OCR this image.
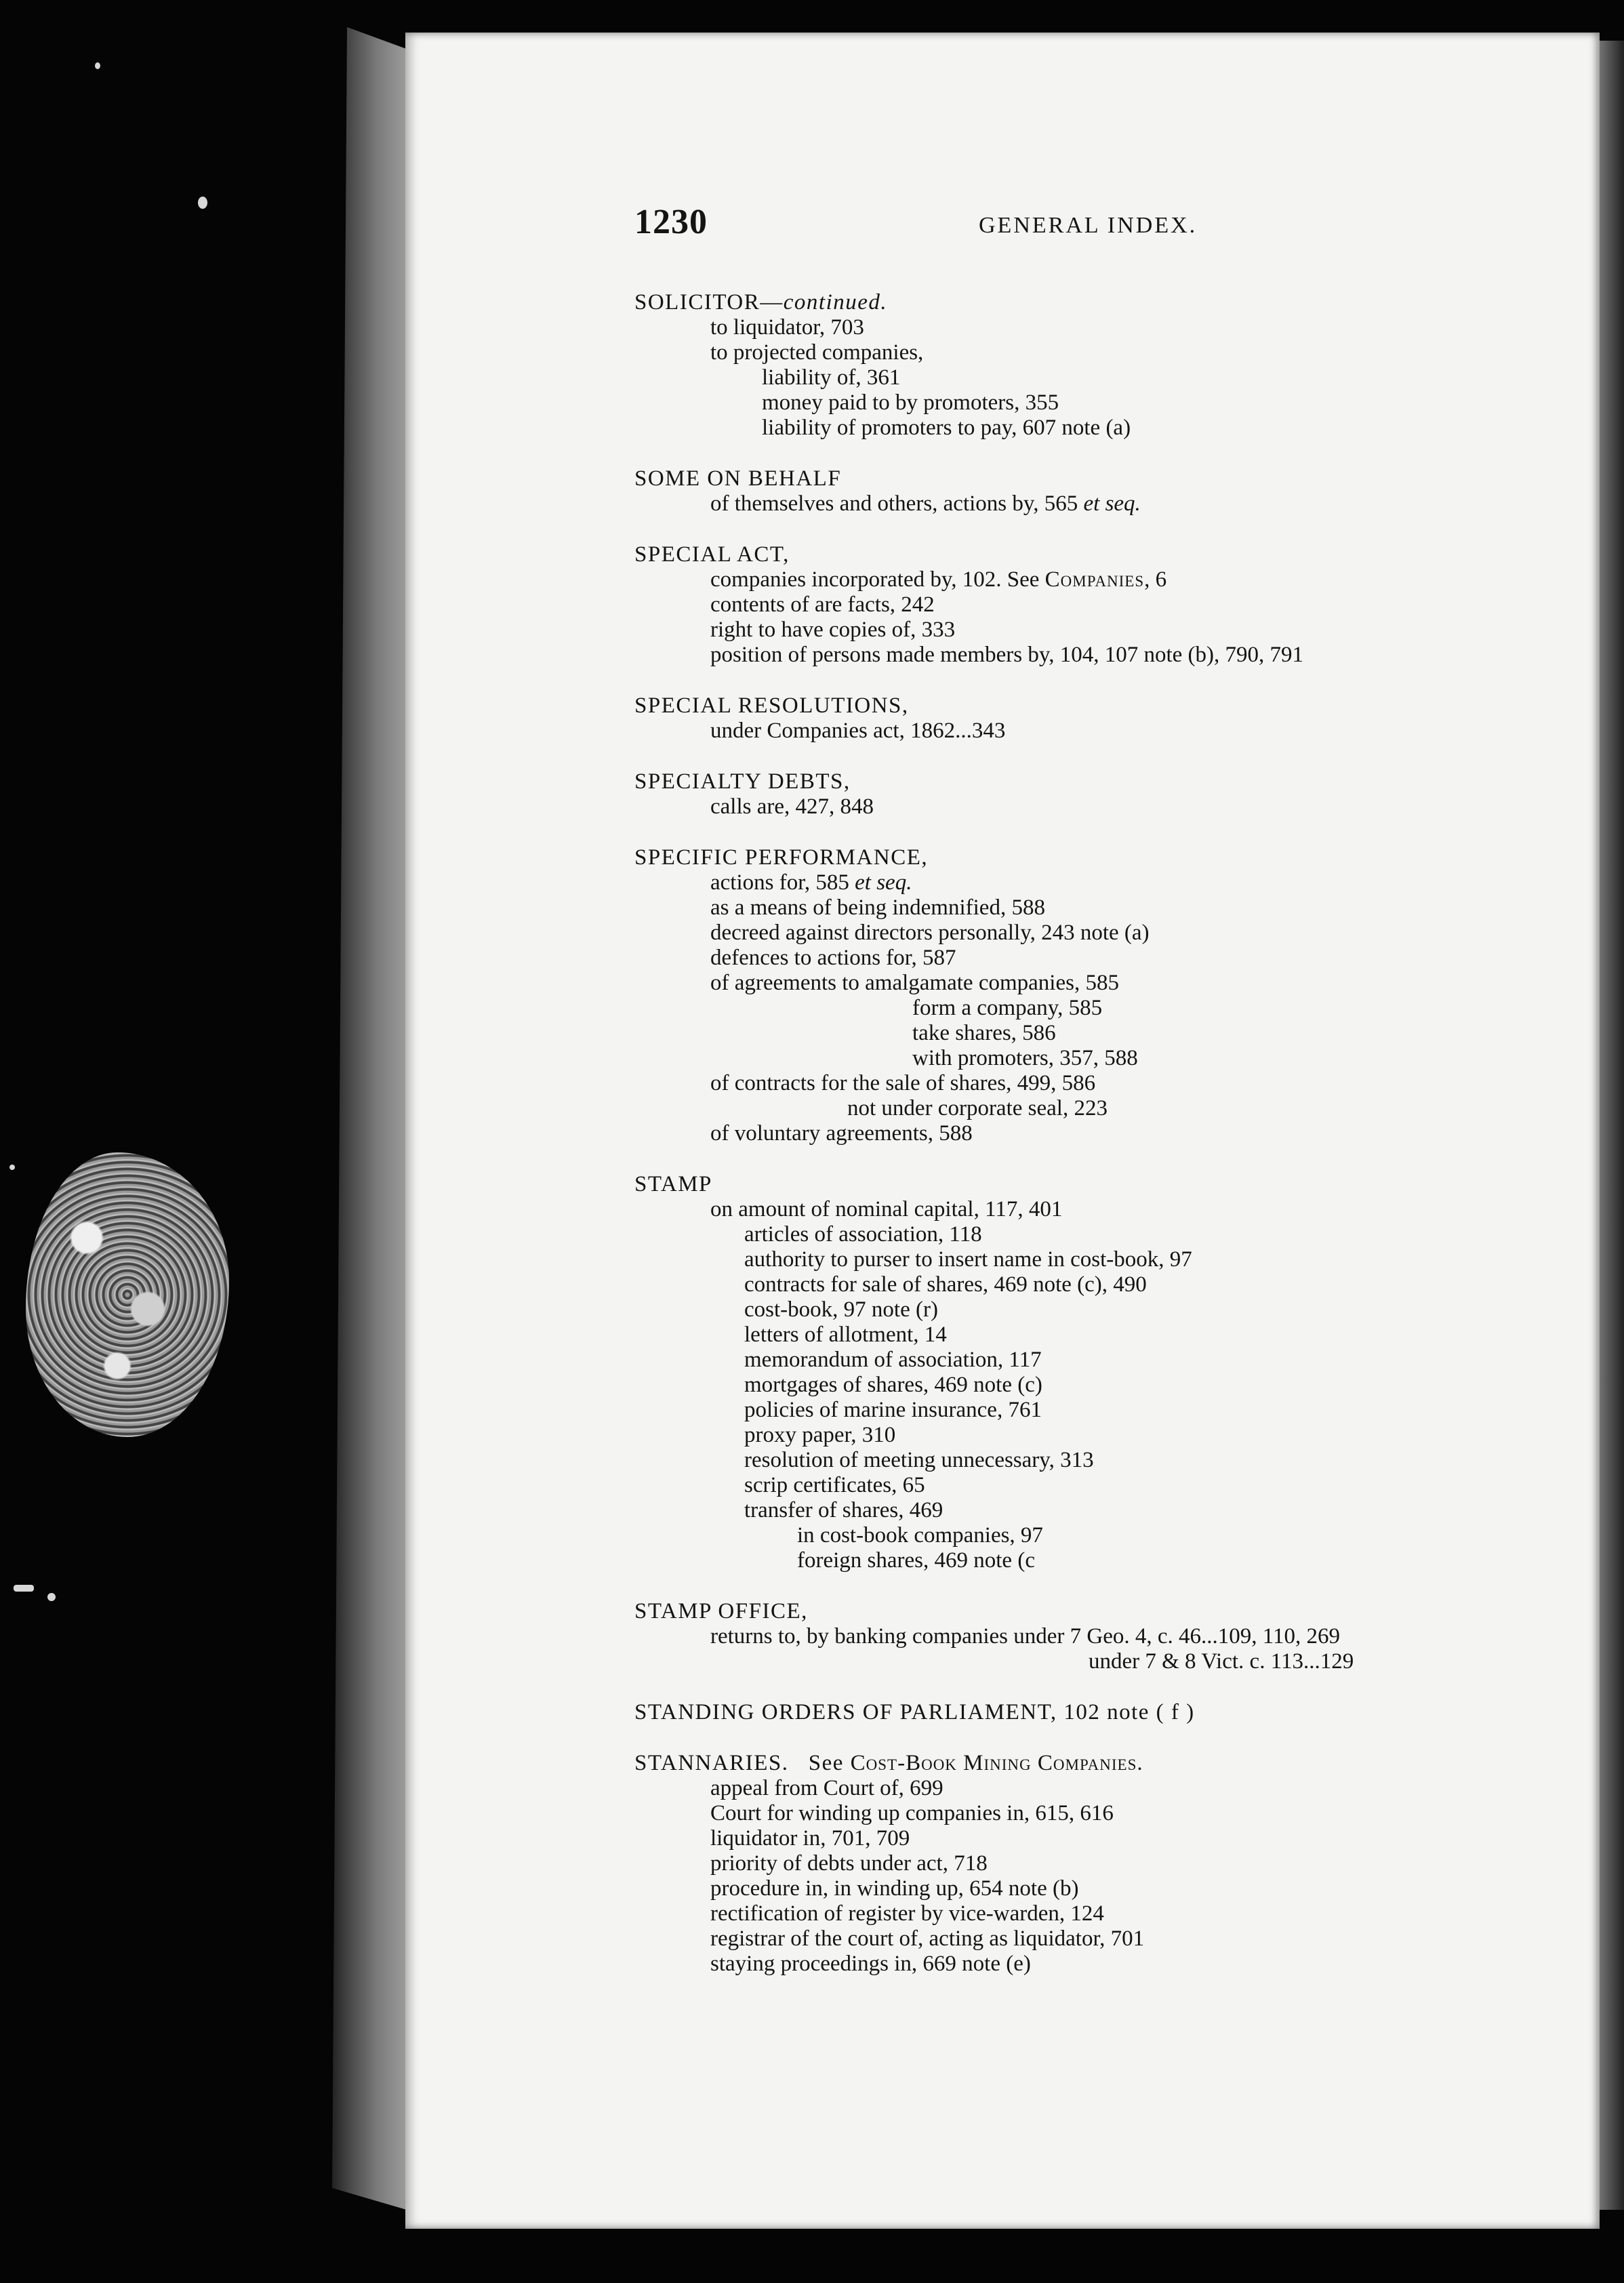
1230	GENERAL INDEX.
SOLICITOR—continued.
to liquidator, 703
to projected companies,
liability of, 361
money paid to by promoters, 355
liability of promoters to pay, 607 note (a)
SOME ON BEHALF
of themselves and others, actions by, 565 et seq.
SPECIAL ACT,
companies incorporated by, 102. See Companies, 6
contents of are facts, 242
right to have copies of, 333
position of persons made members by, 104, 107 note (b), 790, 791
SPECIAL RESOLUTIONS,
under Companies act, 1862...343
SPECIALTY DEBTS,
calls are, 427, 848
SPECIFIC PERFORMANCE,
actions for, 585 et seq.
as a means of being indemnified, 588
decreed against directors personally, 243 note (a)
defences to actions for, 587
of agreements to amalgamate companies, 585
form a company, 585
take shares, 586
with promoters, 357, 588
of contracts for the sale of shares, 499, 586
not under corporate seal, 223
of voluntary agreements, 588
STAMP
on amount of nominal capital, 117, 401
articles of association, 118
authority to purser to insert name in cost-book, 97
contracts for sale of shares, 469 note (c), 490
cost-book, 97 note (r)
letters of allotment, 14
memorandum of association, 117
mortgages of shares, 469 note (c)
policies of marine insurance, 761
proxy paper, 310
resolution of meeting unnecessary, 313
scrip certificates, 65
transfer of shares, 469
in cost-book companies, 97
foreign shares, 469 note (c
STAMP OFFICE,
returns to, by banking companies under 7 Geo. 4, c. 46...109, 110, 269
under 7 & 8 Vict. c. 113...129
STANDING ORDERS OF PARLIAMENT, 102 note ( f )
STANNARIES. See Cost-Book Mining Companies.
appeal from Court of, 699
Court for winding up companies in, 615, 616
liquidator in, 701, 709
priority of debts under act, 718
procedure in, in winding up, 654 note (b)
rectification of register by vice-warden, 124
registrar of the court of, acting as liquidator, 701
staying proceedings in, 669 note (e)
